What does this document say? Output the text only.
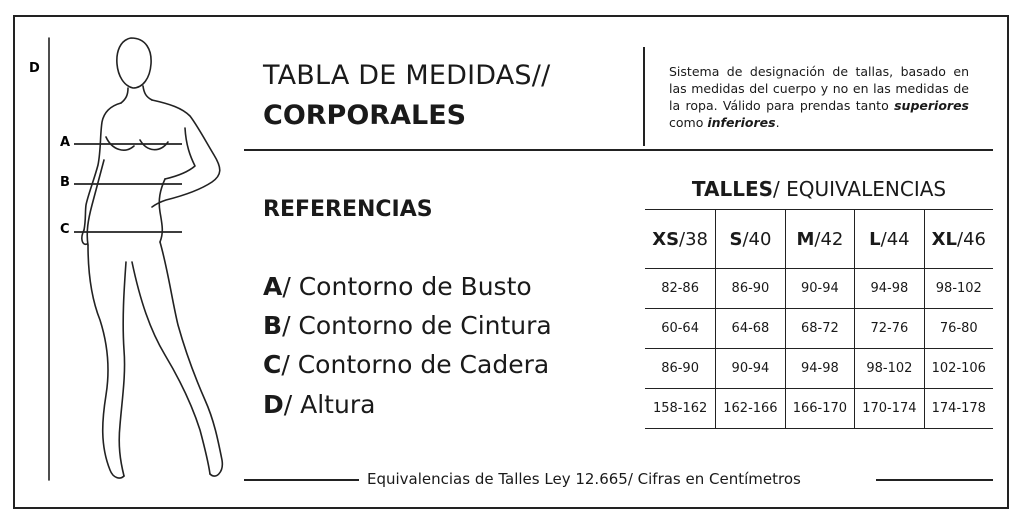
D
A
B
C
TABLA DE MEDIDAS//
CORPORALES
Sistema de designación de tallas, basado en las medidas del cuerpo y no en las medidas de la ropa. Válido para prendas tanto superiores como inferiores.
REFERENCIAS
A/ Contorno de Busto
B/ Contorno de Cintura
C/ Contorno de Cadera
D/ Altura
TALLES/ EQUIVALENCIAS
XS/38	S/40	M/42	L/44	XL/46
82-86	86-90	90-94	94-98	98-102
60-64	64-68	68-72	72-76	76-80
86-90	90-94	94-98	98-102	102-106
158-162	162-166	166-170	170-174	174-178
Equivalencias de Talles Ley 12.665/ Cifras en Centímetros
